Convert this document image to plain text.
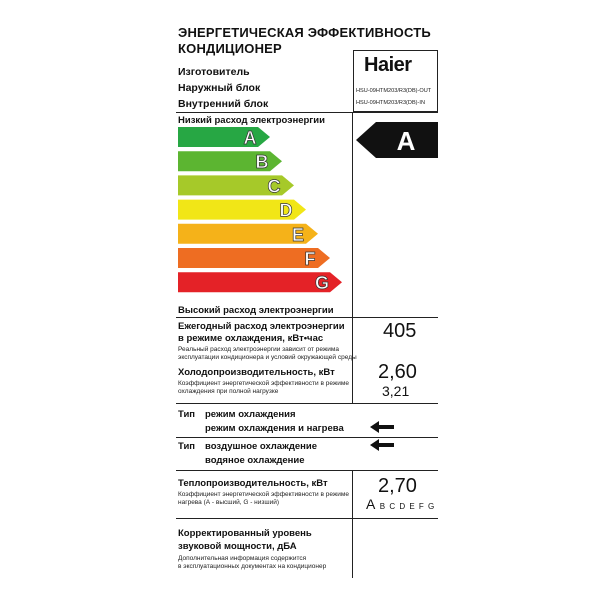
ЭНЕРГЕТИЧЕСКАЯ ЭФФЕКТИВНОСТЬ
КОНДИЦИОНЕР
Изготовитель
Наружный блок
Внутренний блок
Haier
HSU-09HTM203/R3(DB)-OUT
HSU-09HTM203/R3(DB)-IN
Низкий расход электроэнергии
A
B
C
D
E
F
G
Высокий расход электроэнергии
A
Ежегодный расход электроэнергии
в режиме охлаждения, кВт•час
Реальный расход электроэнергии зависит от режима
эксплуатации кондиционера и условий окружающей среды
405
Холодопроизводительность, кВт
Коэффициент энергетической эффективности в режиме
охлаждения при полной нагрузке
2,60
3,21
Тип режим охлаждения
режим охлаждения и нагрева
Тип воздушное охлаждение
водяное охлаждение
Теплопроизводительность, кВт
Коэффициент энергетической эффективности в режиме
нагрева (А - высший, G - низший)
2,70
A B C D E F G
Корректированный уровень
звуковой мощности, дБА
Дополнительная информация содержится
в эксплуатационных документах на кондиционер
